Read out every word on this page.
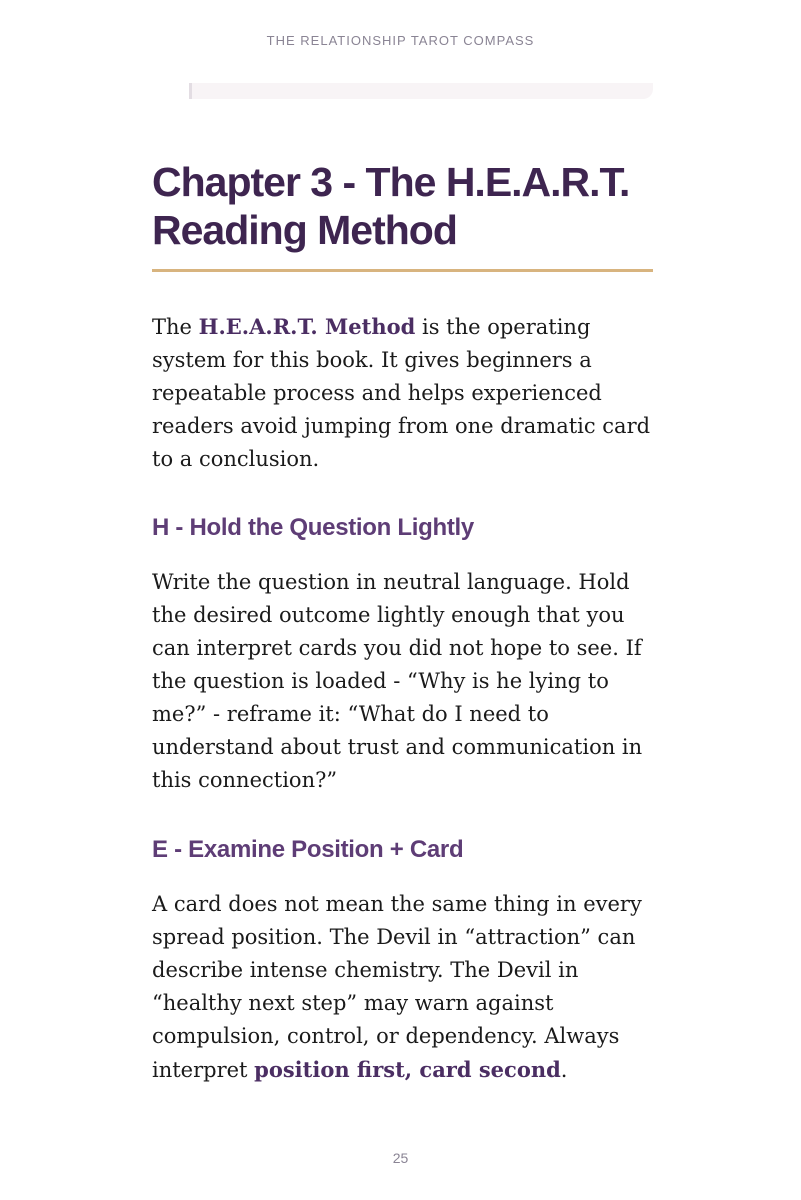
THE RELATIONSHIP TAROT COMPASS
Chapter 3 - The H.E.A.R.T. Reading Method

The H.E.A.R.T. Method is the operating system for this book. It gives beginners a repeatable process and helps experienced readers avoid jumping from one dramatic card to a conclusion.

H - Hold the Question Lightly

Write the question in neutral language. Hold the desired outcome lightly enough that you can interpret cards you did not hope to see. If the question is loaded - “Why is he lying to me?” - reframe it: “What do I need to understand about trust and communication in this connection?”

E - Examine Position + Card

A card does not mean the same thing in every spread position. The Devil in “attraction” can describe intense chemistry. The Devil in “healthy next step” may warn against compulsion, control, or dependency. Always interpret position first, card second.

25
